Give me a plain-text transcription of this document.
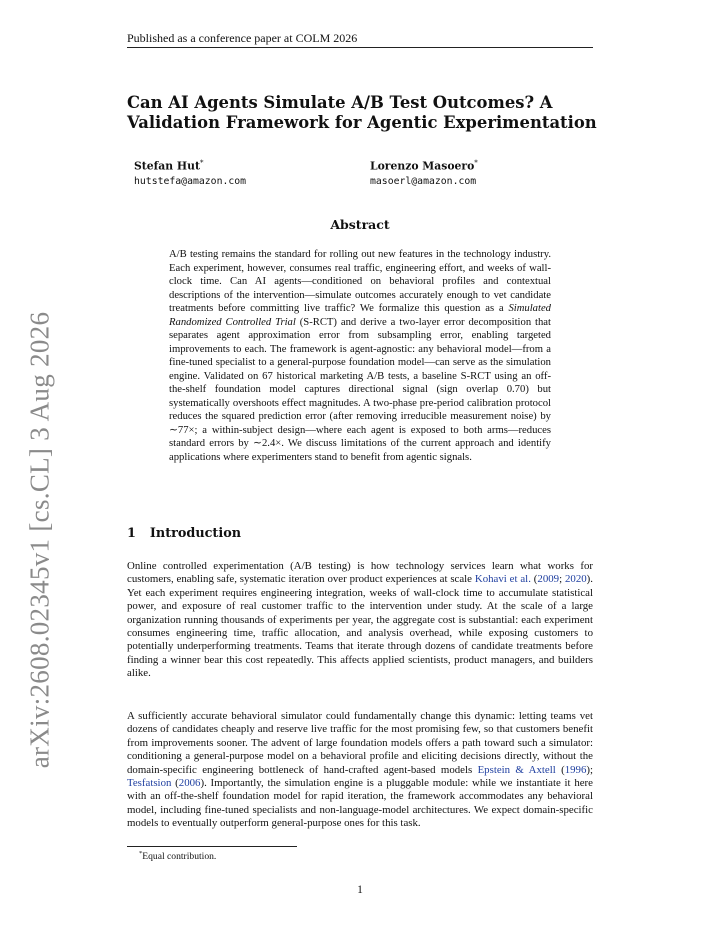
Published as a conference paper at COLM 2026
arXiv:2608.02345v1 [cs.CL] 3 Aug 2026
Can AI Agents Simulate A/B Test Outcomes? A Validation Framework for Agentic Experimentation
Stefan Hut*
hutstefa@amazon.com
Lorenzo Masoero*
masoerl@amazon.com
Abstract
A/B testing remains the standard for rolling out new features in the technology industry. Each experiment, however, consumes real traffic, engineering effort, and weeks of wall-clock time. Can AI agents—conditioned on behavioral profiles and contextual descriptions of the intervention—simulate outcomes accurately enough to vet candidate treatments before committing live traffic? We formalize this question as a Simulated Randomized Controlled Trial (S-RCT) and derive a two-layer error decomposition that separates agent approximation error from subsampling error, enabling targeted improvements to each. The framework is agent-agnostic: any behavioral model—from a fine-tuned specialist to a general-purpose foundation model—can serve as the simulation engine. Validated on 67 historical marketing A/B tests, a baseline S-RCT using an off-the-shelf foundation model captures directional signal (sign overlap 0.70) but systematically overshoots effect magnitudes. A two-phase pre-period calibration protocol reduces the squared prediction error (after removing irreducible measurement noise) by ∼77×; a within-subject design—where each agent is exposed to both arms—reduces standard errors by ∼2.4×. We discuss limitations of the current approach and identify applications where experimenters stand to benefit from agentic signals.
1 Introduction
Online controlled experimentation (A/B testing) is how technology services learn what works for customers, enabling safe, systematic iteration over product experiences at scale Kohavi et al. (2009; 2020). Yet each experiment requires engineering integration, weeks of wall-clock time to accumulate statistical power, and exposure of real customer traffic to the intervention under study. At the scale of a large organization running thousands of experiments per year, the aggregate cost is substantial: each experiment consumes engineering time, traffic allocation, and analysis overhead, while exposing customers to potentially underperforming treatments. Teams that iterate through dozens of candidate treatments before finding a winner bear this cost repeatedly. This affects applied scientists, product managers, and builders alike.
A sufficiently accurate behavioral simulator could fundamentally change this dynamic: letting teams vet dozens of candidates cheaply and reserve live traffic for the most promising few, so that customers benefit from improvements sooner. The advent of large foundation models offers a path toward such a simulator: conditioning a general-purpose model on a behavioral profile and eliciting decisions directly, without the domain-specific engineering bottleneck of hand-crafted agent-based models Epstein & Axtell (1996); Tesfatsion (2006). Importantly, the simulation engine is a pluggable module: while we instantiate it here with an off-the-shelf foundation model for rapid iteration, the framework accommodates any behavioral model, including fine-tuned specialists and non-language-model architectures. We expect domain-specific models to eventually outperform general-purpose ones for this task.
*Equal contribution.
1
